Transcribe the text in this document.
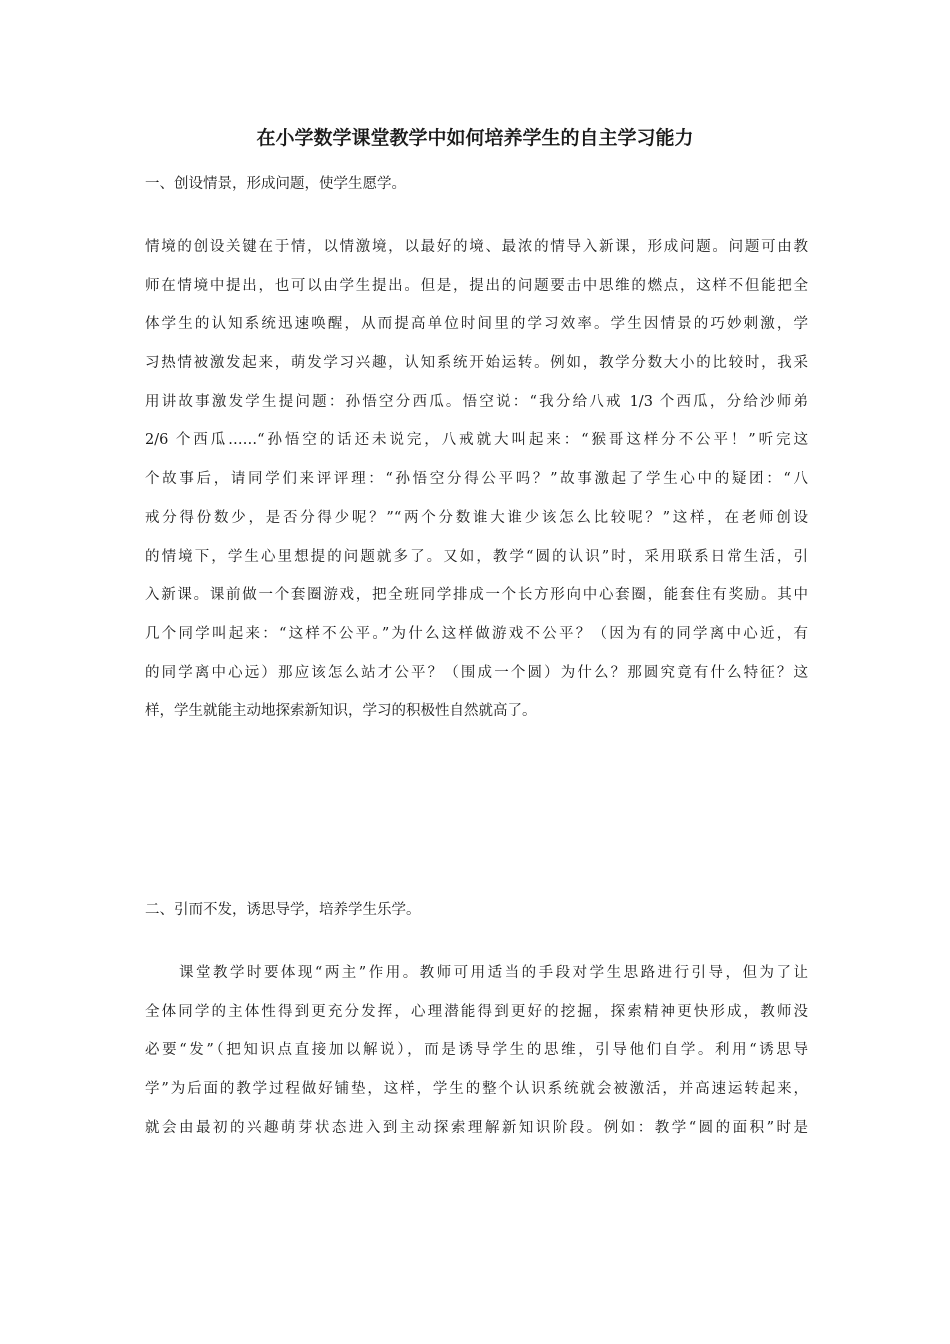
在小学数学课堂教学中如何培养学生的自主学习能力

一、创设情景，形成问题，使学生愿学。

情境的创设关键在于情，以情激境，以最好的境、最浓的情导入新课，形成问题。问题可由教
师在情境中提出，也可以由学生提出。但是，提出的问题要击中思维的燃点，这样不但能把全
体学生的认知系统迅速唤醒，从而提高单位时间里的学习效率。学生因情景的巧妙刺激，学
习热情被激发起来，萌发学习兴趣，认知系统开始运转。例如，教学分数大小的比较时，我采
用讲故事激发学生提问题：孙悟空分西瓜。悟空说：“我分给八戒 1/3 个西瓜，分给沙师弟
2/6 个西瓜……“孙悟空的话还未说完，八戒就大叫起来：“猴哥这样分不公平！”听完这
个故事后，请同学们来评评理：“孙悟空分得公平吗？”故事激起了学生心中的疑团：“八
戒分得份数少，是否分得少呢？”“两个分数谁大谁少该怎么比较呢？”这样，在老师创设
的情境下，学生心里想提的问题就多了。又如，教学“圆的认识”时，采用联系日常生活，引
入新课。课前做一个套圈游戏，把全班同学排成一个长方形向中心套圈，能套住有奖励。其中
几个同学叫起来：“这样不公平。”为什么这样做游戏不公平？（因为有的同学离中心近，有
的同学离中心远）那应该怎么站才公平？（围成一个圆）为什么？那圆究竟有什么特征？这
样，学生就能主动地探索新知识，学习的积极性自然就高了。

二、引而不发，诱思导学，培养学生乐学。

　　课堂教学时要体现“两主”作用。教师可用适当的手段对学生思路进行引导，但为了让
全体同学的主体性得到更充分发挥，心理潜能得到更好的挖掘，探索精神更快形成，教师没
必要“发”（把知识点直接加以解说），而是诱导学生的思维，引导他们自学。利用“诱思导
学”为后面的教学过程做好铺垫，这样，学生的整个认识系统就会被激活，并高速运转起来，
就会由最初的兴趣萌芽状态进入到主动探索理解新知识阶段。例如：教学“圆的面积”时是
